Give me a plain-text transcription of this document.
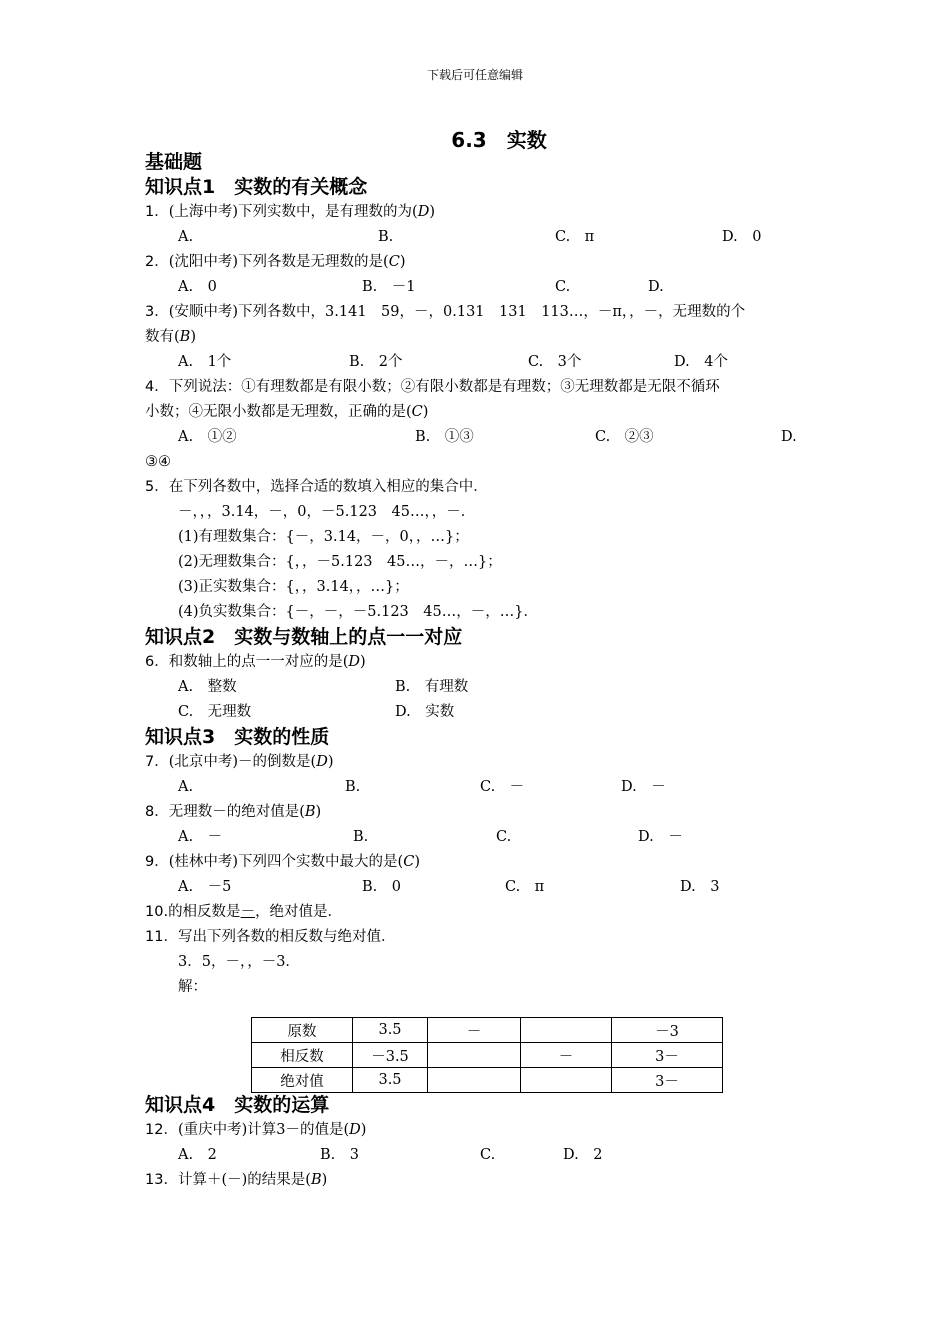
下载后可任意编辑
6.3　实数
基础题
知识点1　实数的有关概念
1．(上海中考)下列实数中，是有理数的为(D)
A.	B.	C.　π	D.　0
2．(沈阳中考)下列各数是无理数的是(C)
A.　0	B.　－1	C.	D.
3．(安顺中考)下列各数中，3.141　59，－，0.131　131　113…，－π，，－，无理数的个
数有(B)
A.　1个	B.　2个	C.　3个	D.　4个
4．下列说法：①有理数都是有限小数；②有限小数都是有理数；③无理数都是无限不循环
小数；④无限小数都是无理数，正确的是(C)
A.　①②	B.　①③	C.　②③	D.
③④
5．在下列各数中，选择合适的数填入相应的集合中．
－，，，3.14，－，0，－5.123　45…，，－．
(1)有理数集合：{－，3.14，－，0，，…}；
(2)无理数集合：{，，－5.123　45…，－，…}；
(3)正实数集合：{，，3.14，，…}；
(4)负实数集合：{－，－，－5.123　45…，－，…}．
知识点2　实数与数轴上的点一一对应
6．和数轴上的点一一对应的是(D)
A.　整数	B.　有理数
C.　无理数	D.　实数
知识点3　实数的性质
7．(北京中考)－的倒数是(D)
A.	B.	C.　－	D.　－
8．无理数－的绝对值是(B)
A.　－	B.	C.	D.　－
9．(桂林中考)下列四个实数中最大的是(C)
A.　－5	B.　0	C.　π	D.　3
10.的相反数是－，绝对值是．
11．写出下列各数的相反数与绝对值．
3．5，－，，－3．
解：
原数	3.5	－		－3
相反数	－3.5		－	3－
绝对值	3.5			3－
知识点4　实数的运算
12．(重庆中考)计算3－的值是(D)
A.　2	B.　3	C.	D.　2
13．计算＋(－)的结果是(B)
